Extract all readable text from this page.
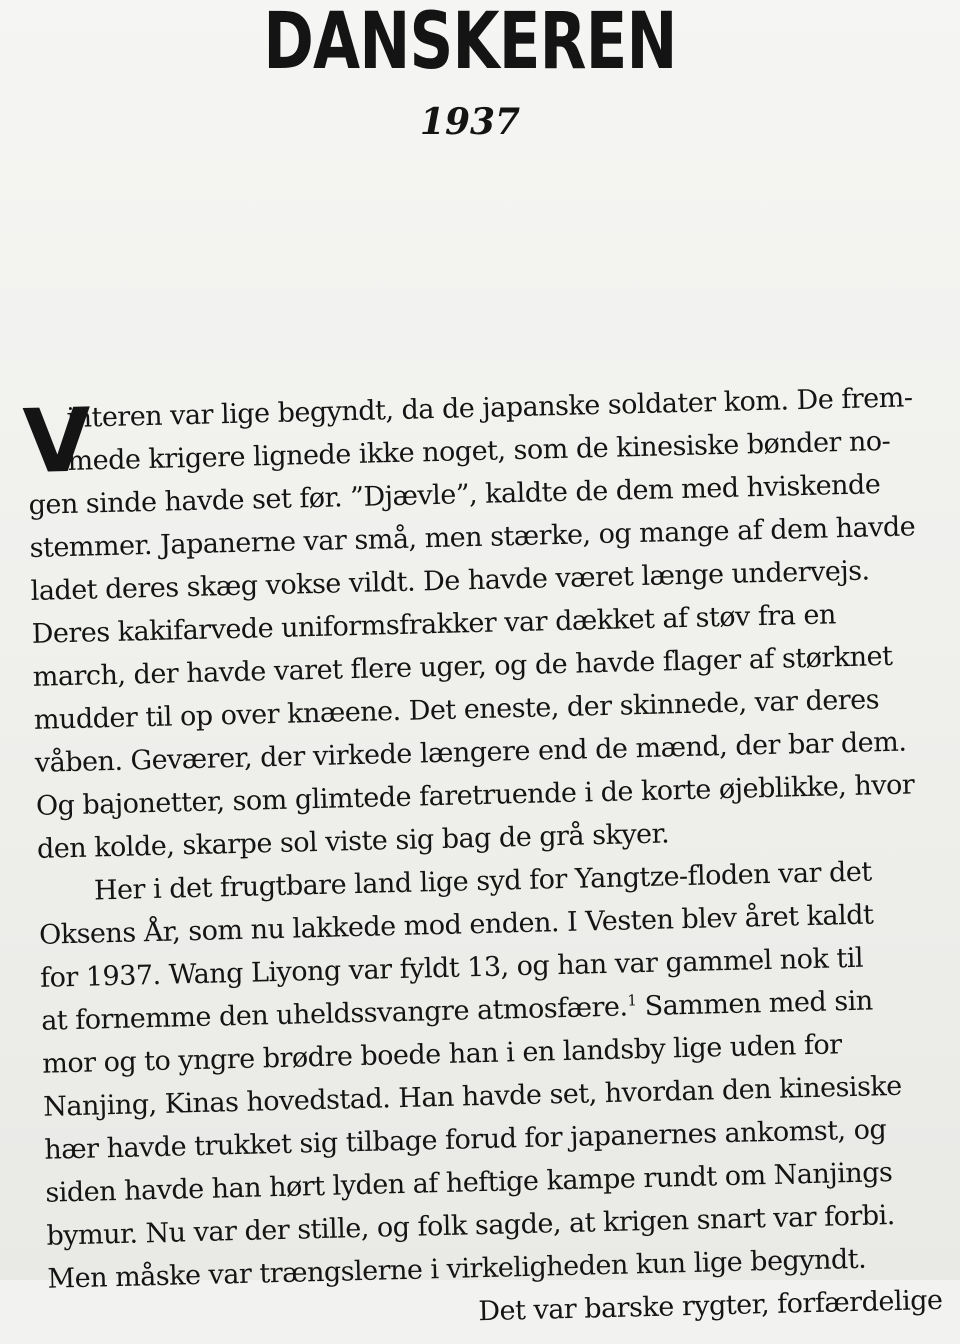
DANSKEREN
1937
V
interen var lige begyndt, da de japanske soldater kom. De frem-
mede krigere lignede ikke noget, som de kinesiske bønder no-
gen sinde havde set før. ”Djævle”, kaldte de dem med hviskende
stemmer. Japanerne var små, men stærke, og mange af dem havde
ladet deres skæg vokse vildt. De havde været længe undervejs.
Deres kakifarvede uniformsfrakker var dækket af støv fra en
march, der havde varet flere uger, og de havde flager af størknet
mudder til op over knæene. Det eneste, der skinnede, var deres
våben. Geværer, der virkede længere end de mænd, der bar dem.
Og bajonetter, som glimtede faretruende i de korte øjeblikke, hvor
den kolde, skarpe sol viste sig bag de grå skyer.
Her i det frugtbare land lige syd for Yangtze-floden var det
Oksens År, som nu lakkede mod enden. I Vesten blev året kaldt
for 1937. Wang Liyong var fyldt 13, og han var gammel nok til
at fornemme den uheldssvangre atmosfære.$^1$ Sammen med sin
mor og to yngre brødre boede han i en landsby lige uden for
Nanjing, Kinas hovedstad. Han havde set, hvordan den kinesiske
hær havde trukket sig tilbage forud for japanernes ankomst, og
siden havde han hørt lyden af heftige kampe rundt om Nanjings
bymur. Nu var der stille, og folk sagde, at krigen snart var forbi.
Men måske var trængslerne i virkeligheden kun lige begyndt.
Det var barske rygter, forfærdelige
